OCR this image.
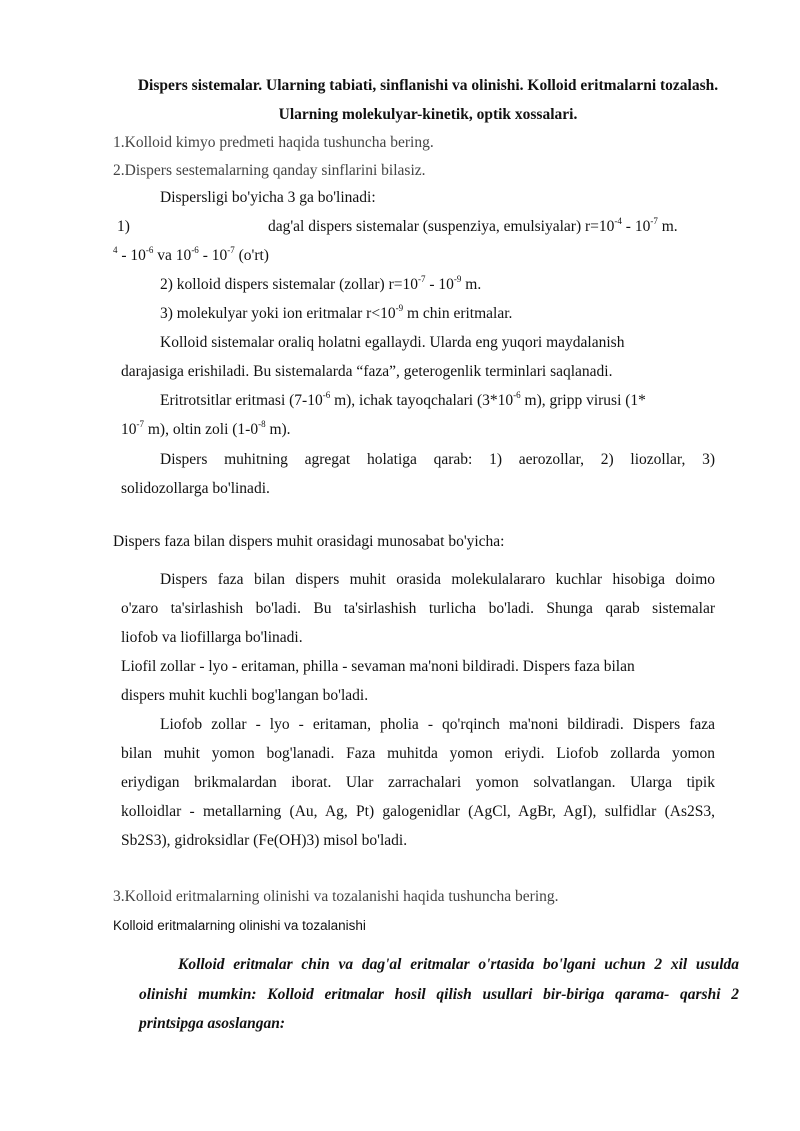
Dispers sistemalar. Ularning tabiati, sinflanishi va olinishi. Kolloid eritmalarni tozalash.
Ularning molekulyar-kinetik, optik xossalari.
1.Kolloid kimyo predmeti haqida tushuncha bering.
2.Dispers sestemalarning qanday sinflarini bilasiz.
Dispersligi bo'yicha 3 ga bo'linadi:
1)	dag'al dispers sistemalar (suspenziya, emulsiyalar) $r=10^{-4} - 10^{-7}$ m.
$^4 - 10^{-6}$ va $10^{-6} - 10^{-7}$ (o'rt)
2) kolloid dispers sistemalar (zollar) $r=10^{-7} - 10^{-9}$ m.
3) molekulyar yoki ion eritmalar $r<10^{-9}$ m chin eritmalar.
Kolloid sistemalar oraliq holatni egallaydi. Ularda eng yuqori maydalanish
darajasiga erishiladi. Bu sistemalarda “faza”, geterogenlik terminlari saqlanadi.
Eritrotsitlar eritmasi ($7-10^{-6}$ m), ichak tayoqchalari ($3*10^{-6}$ m), gripp virusi (1*
$10^{-7}$ m), oltin zoli ($1-0^{-8}$ m).
Dispers muhitning agregat holatiga qarab: 1) aerozollar, 2) liozollar, 3)
solidozollarga bo'linadi.
Dispers faza bilan dispers muhit orasidagi munosabat bo'yicha:
Dispers faza bilan dispers muhit orasida molekulalararo kuchlar hisobiga doimo
o'zaro ta'sirlashish bo'ladi. Bu ta'sirlashish turlicha bo'ladi. Shunga qarab sistemalar
liofob va liofillarga bo'linadi.
Liofil zollar - lyo - eritaman, philla - sevaman ma'noni bildiradi. Dispers faza bilan
dispers muhit kuchli bog'langan bo'ladi.
Liofob zollar - lyo - eritaman, pholia - qo'rqinch ma'noni bildiradi. Dispers faza
bilan muhit yomon bog'lanadi. Faza muhitda yomon eriydi. Liofob zollarda yomon
eriydigan brikmalardan iborat. Ular zarrachalari yomon solvatlangan. Ularga tipik
kolloidlar - metallarning (Au, Ag, Pt) galogenidlar (AgCl, AgBr, AgI), sulfidlar (As2S3,
Sb2S3), gidroksidlar (Fe(OH)3) misol bo'ladi.
3.Kolloid eritmalarning olinishi va tozalanishi haqida tushuncha bering.
Kolloid eritmalarning olinishi va tozalanishi
Kolloid eritmalar chin va dag'al eritmalar o'rtasida bo'lgani uchun 2 xil usulda
olinishi mumkin: Kolloid eritmalar hosil qilish usullari bir-biriga qarama- qarshi 2
printsipga asoslangan:
